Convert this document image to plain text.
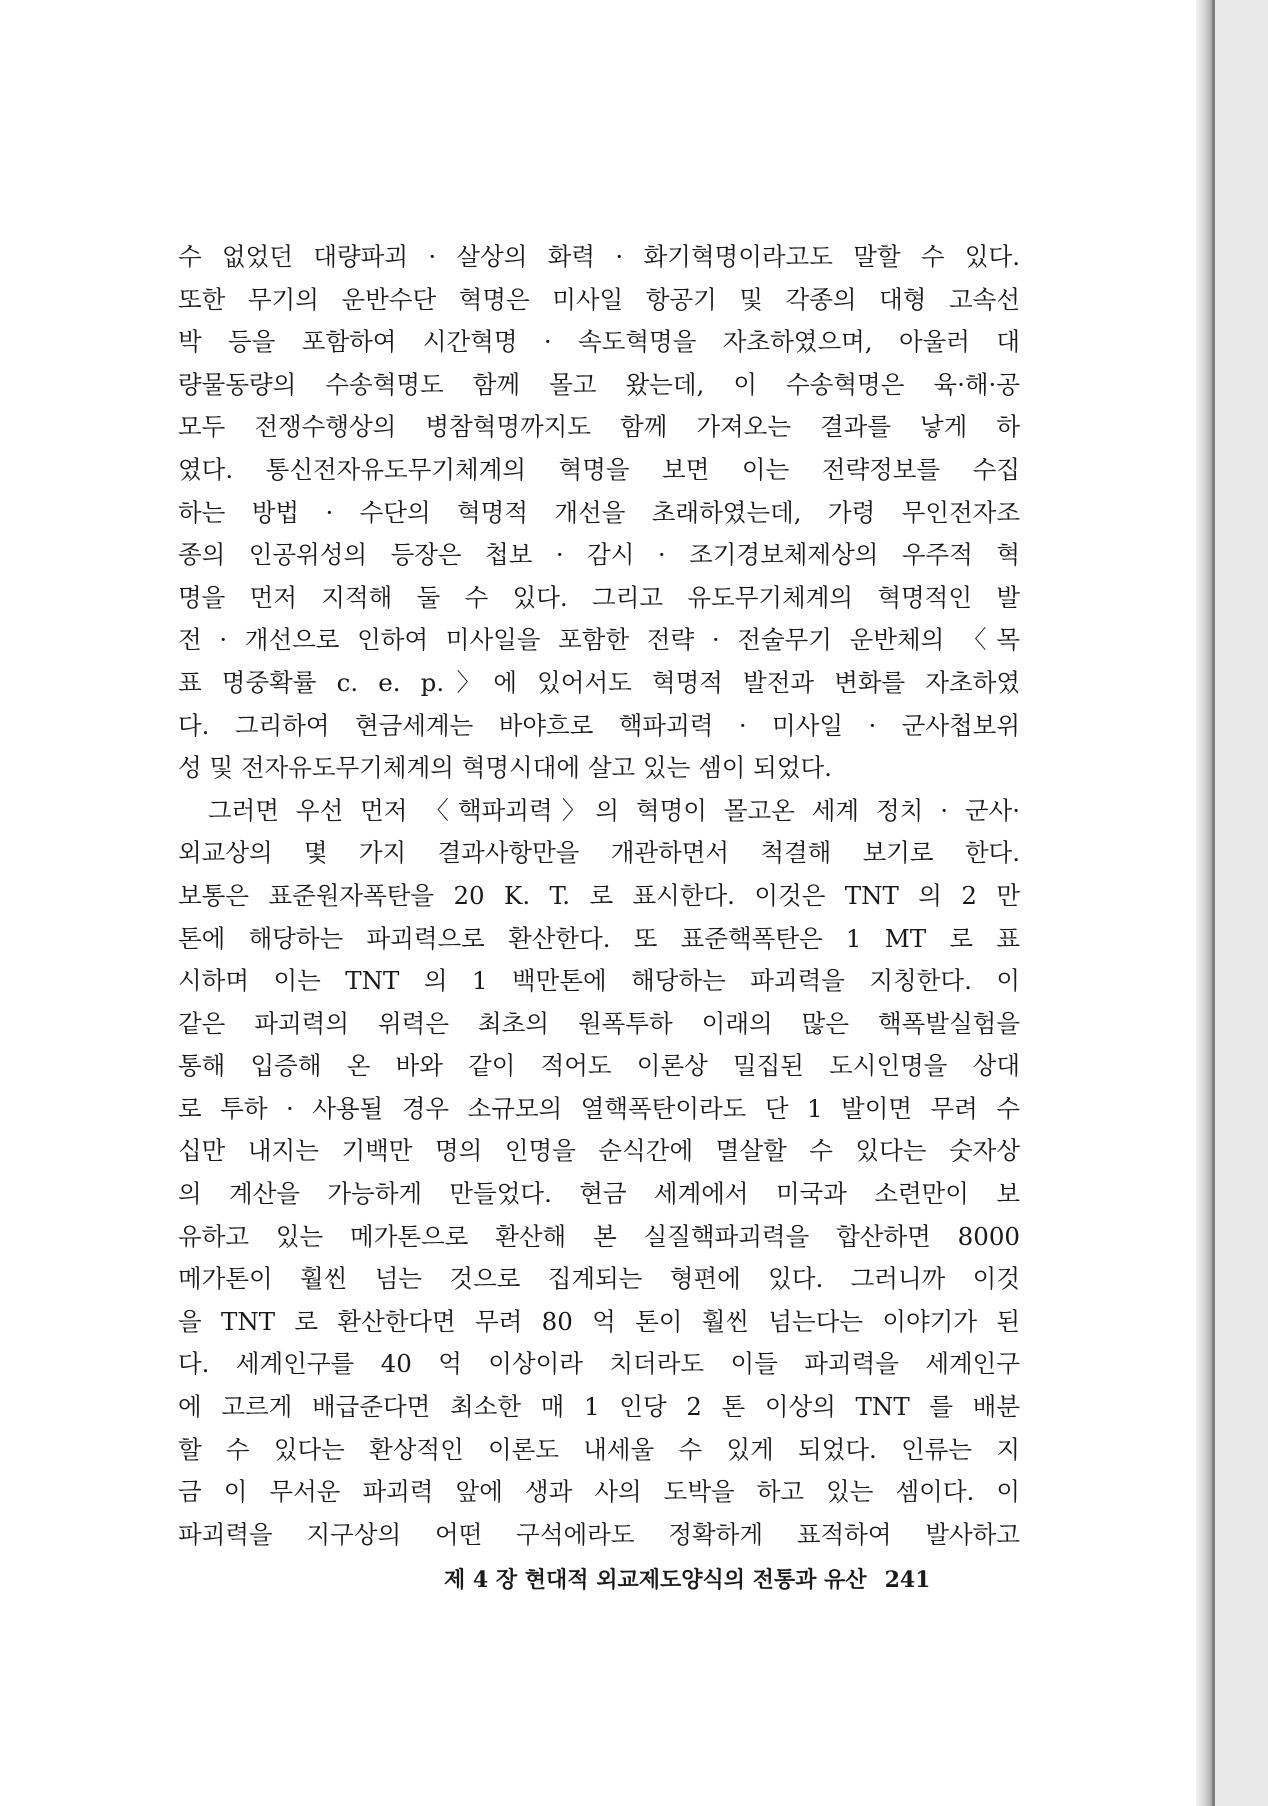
수 없었던 대량파괴 · 살상의 화력 · 화기혁명이라고도 말할 수 있다.
또한 무기의 운반수단 혁명은 미사일 항공기 및 각종의 대형 고속선
박 등을 포함하여 시간혁명 · 속도혁명을 자초하였으며, 아울러 대
량물동량의 수송혁명도 함께 몰고 왔는데, 이 수송혁명은 육·해·공
모두 전쟁수행상의 병참혁명까지도 함께 가져오는 결과를 낳게 하
였다. 통신전자유도무기체계의 혁명을 보면 이는 전략정보를 수집
하는 방법 · 수단의 혁명적 개선을 초래하였는데, 가령 무인전자조
종의 인공위성의 등장은 첩보 · 감시 · 조기경보체제상의 우주적 혁
명을 먼저 지적해 둘 수 있다. 그리고 유도무기체계의 혁명적인 발
전 · 개선으로 인하여 미사일을 포함한 전략 · 전술무기 운반체의 〈목
표 명중확률 c. e. p.〉에 있어서도 혁명적 발전과 변화를 자초하였
다. 그리하여 현금세계는 바야흐로 핵파괴력 · 미사일 · 군사첩보위
성 및 전자유도무기체계의 혁명시대에 살고 있는 셈이 되었다.
그러면 우선 먼저 〈핵파괴력〉의 혁명이 몰고온 세계 정치 · 군사·
외교상의 몇 가지 결과사항만을 개관하면서 척결해 보기로 한다.
보통은 표준원자폭탄을 20 K. T. 로 표시한다. 이것은 TNT 의 2 만
톤에 해당하는 파괴력으로 환산한다. 또 표준핵폭탄은 1 MT 로 표
시하며 이는 TNT 의 1 백만톤에 해당하는 파괴력을 지칭한다. 이
같은 파괴력의 위력은 최초의 원폭투하 이래의 많은 핵폭발실험을
통해 입증해 온 바와 같이 적어도 이론상 밀집된 도시인명을 상대
로 투하 · 사용될 경우 소규모의 열핵폭탄이라도 단 1 발이면 무려 수
십만 내지는 기백만 명의 인명을 순식간에 멸살할 수 있다는 숫자상
의 계산을 가능하게 만들었다. 현금 세계에서 미국과 소련만이 보
유하고 있는 메가톤으로 환산해 본 실질핵파괴력을 합산하면 8000
메가톤이 훨씬 넘는 것으로 집계되는 형편에 있다. 그러니까 이것
을 TNT 로 환산한다면 무려 80 억 톤이 훨씬 넘는다는 이야기가 된
다. 세계인구를 40 억 이상이라 치더라도 이들 파괴력을 세계인구
에 고르게 배급준다면 최소한 매 1 인당 2 톤 이상의 TNT 를 배분
할 수 있다는 환상적인 이론도 내세울 수 있게 되었다. 인류는 지
금 이 무서운 파괴력 앞에 생과 사의 도박을 하고 있는 셈이다. 이
파괴력을 지구상의 어떤 구석에라도 정확하게 표적하여 발사하고
제 4 장 현대적 외교제도양식의 전통과 유산 241
